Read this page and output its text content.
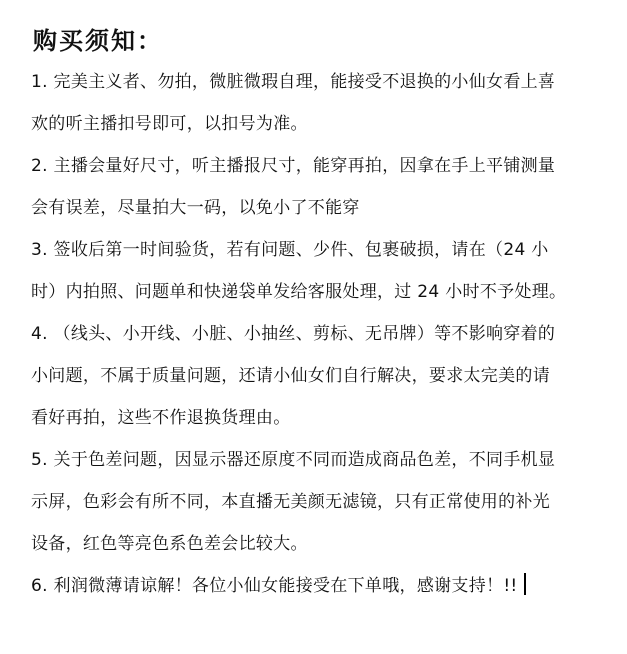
购买须知：
1. 完美主义者、勿拍，微脏微瑕自理，能接受不退换的小仙女看上喜
欢的听主播扣号即可，以扣号为准。
2. 主播会量好尺寸，听主播报尺寸，能穿再拍，因拿在手上平铺测量
会有误差，尽量拍大一码，以免小了不能穿
3. 签收后第一时间验货，若有问题、少件、包裹破损，请在（24 小
时）内拍照、问题单和快递袋单发给客服处理，过 24 小时不予处理。
4. （线头、小开线、小脏、小抽丝、剪标、无吊牌）等不影响穿着的
小问题，不属于质量问题，还请小仙女们自行解决，要求太完美的请
看好再拍，这些不作退换货理由。
5. 关于色差问题，因显示器还原度不同而造成商品色差，不同手机显
示屏，色彩会有所不同，本直播无美颜无滤镜，只有正常使用的补光
设备，红色等亮色系色差会比较大。
6. 利润微薄请谅解！各位小仙女能接受在下单哦，感谢支持！!!
